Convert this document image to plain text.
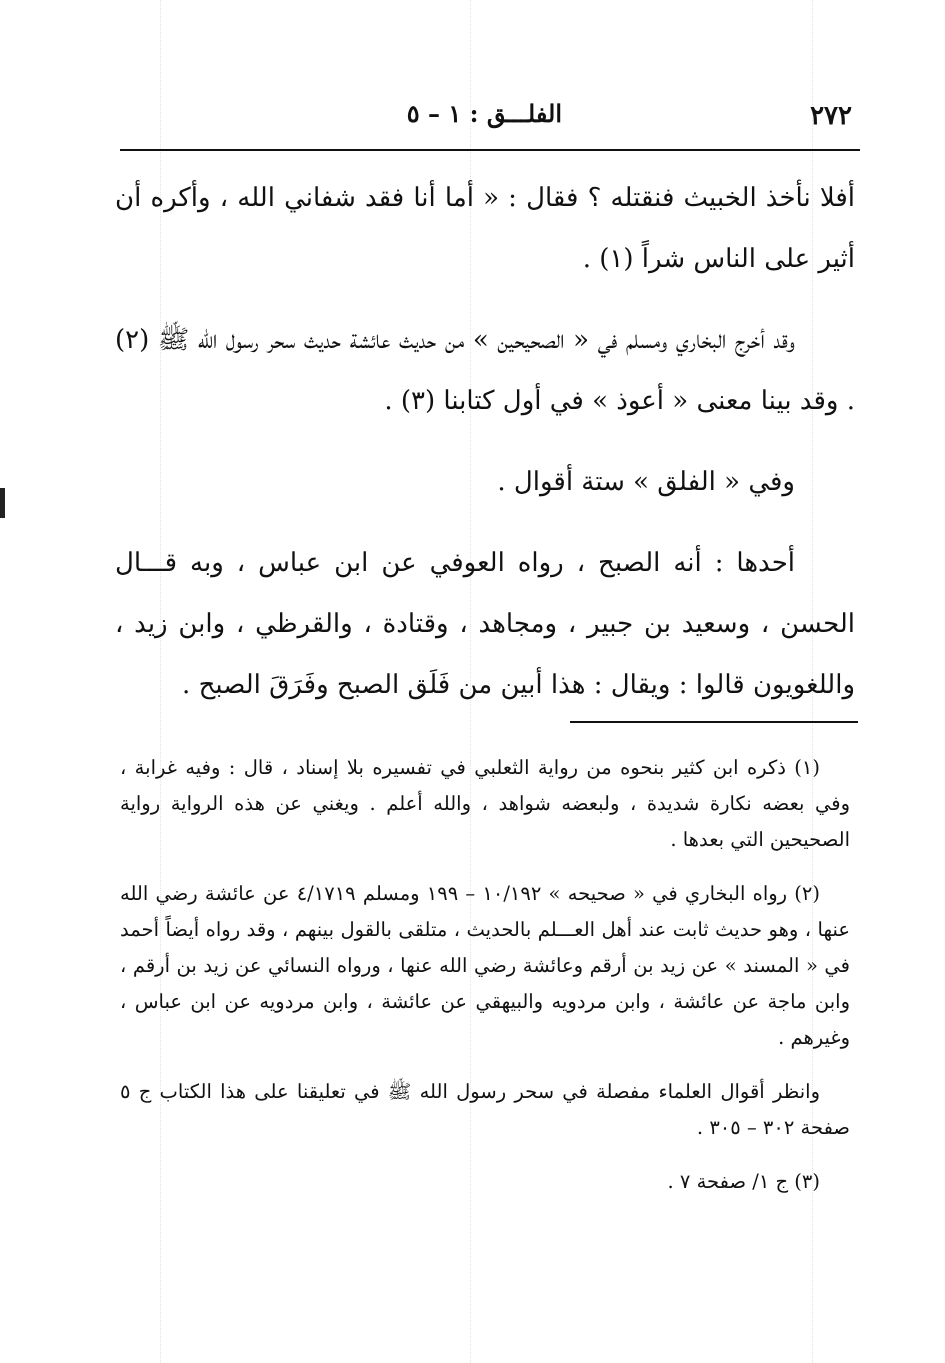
٢٧٢
الفلـــق : ١ – ٥

أفلا نأخذ الخبيث فنقتله ؟ فقال : « أما أنا فقد شفاني الله ، وأكره أن أثير على الناس شراً (١) .

وقد أخرج البخاري ومسلم في « الصحيحين » من حديث عائشة حديث سحر رسول الله ﷺ (٢) . وقد بينا معنى « أعوذ » في أول كتابنا (٣) .

وفي « الفلق » ستة أقوال .

أحدها : أنه الصبح ، رواه العوفي عن ابن عباس ، وبه قـــال الحسن ، وسعيد بن جبير ، ومجاهد ، وقتادة ، والقرظي ، وابن زيد ، واللغويون قالوا : ويقال : هذا أبين من فَلَق الصبح وفَرَقَ الصبح .

(١) ذكره ابن كثير بنحوه من رواية الثعلبي في تفسيره بلا إسناد ، قال : وفيه غرابة ، وفي بعضه نكارة شديدة ، ولبعضه شواهد ، والله أعلم . ويغني عن هذه الرواية رواية الصحيحين التي بعدها .

(٢) رواه البخاري في « صحيحه » ١٠/١٩٢ – ١٩٩ ومسلم ٤/١٧١٩ عن عائشة رضي الله عنها ، وهو حديث ثابت عند أهل العـــلم بالحديث ، متلقى بالقول بينهم ، وقد رواه أيضاً أحمد في « المسند » عن زيد بن أرقم وعائشة رضي الله عنها ، ورواه النسائي عن زيد بن أرقم ، وابن ماجة عن عائشة ، وابن مردويه والبيهقي عن عائشة ، وابن مردويه عن ابن عباس ، وغيرهم .

وانظر أقوال العلماء مفصلة في سحر رسول الله ﷺ في تعليقنا على هذا الكتاب ج ٥ صفحة ٣٠٢ – ٣٠٥ .

(٣) ج ١/ صفحة ٧ .
